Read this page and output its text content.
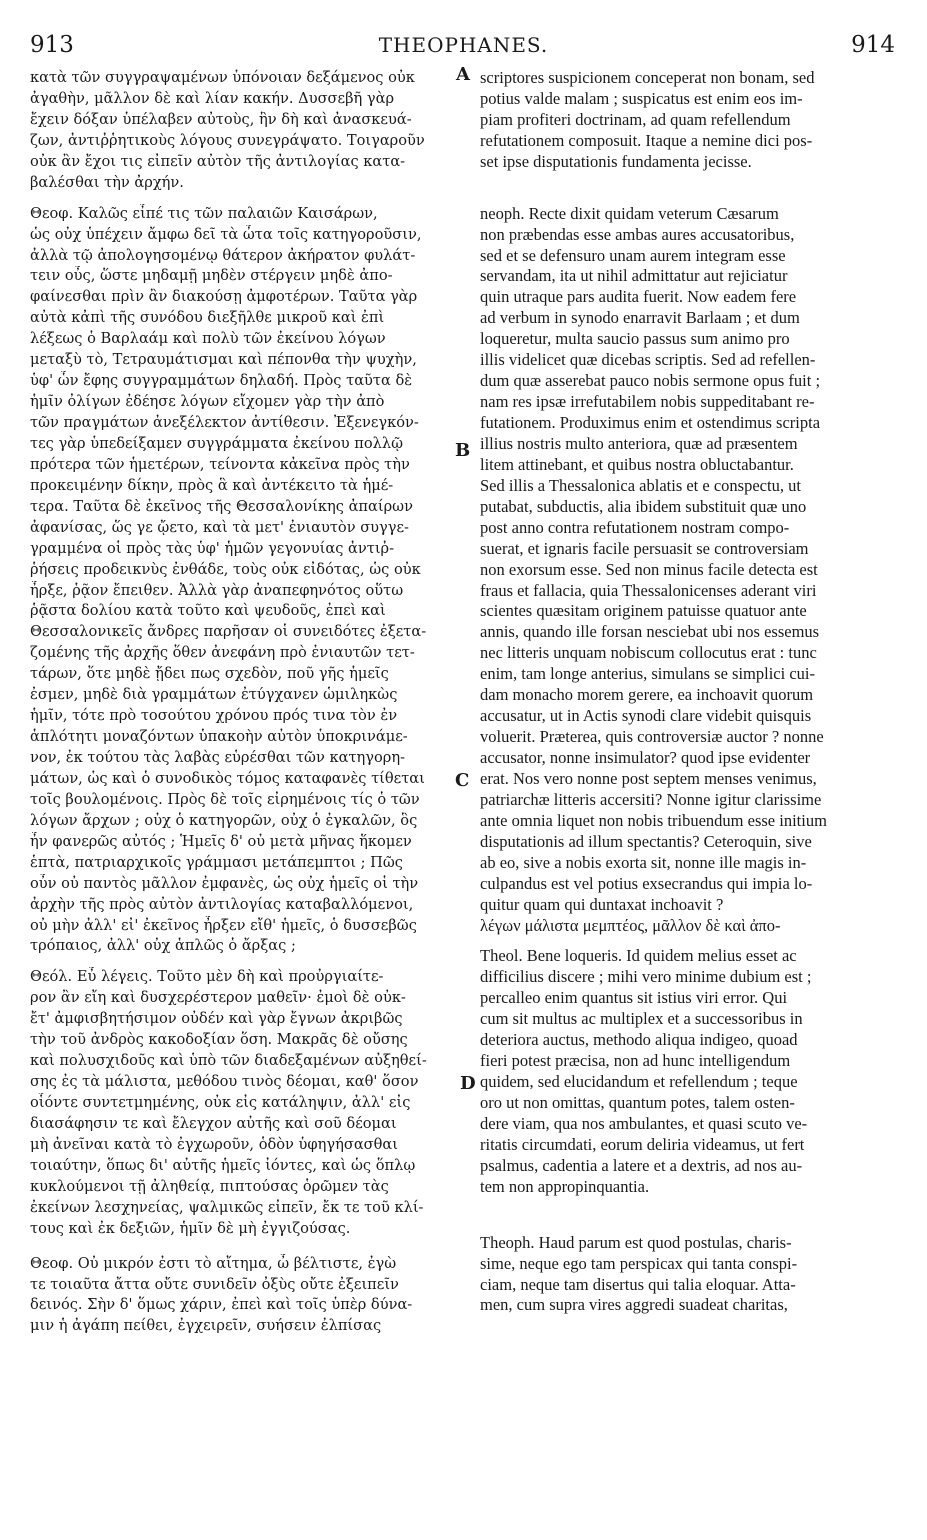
913	THEOPHANES.	914
A
B
C
D
κατὰ τῶν συγγραψαμένων ὑπόνοιαν δεξάμενος οὐκ
ἀγαθὴν, μᾶλλον δὲ καὶ λίαν κακήν. Δυσσεβῆ γὰρ
ἔχειν δόξαν ὑπέλαβεν αὐτοὺς, ἣν δὴ καὶ ἀνασκευά-
ζων, ἀντιῤῥητικοὺς λόγους συνεγράψατο. Τοιγαροῦν
οὐκ ἂν ἔχοι τις εἰπεῖν αὐτὸν τῆς ἀντιλογίας κατα-
βαλέσθαι τὴν ἀρχήν.
Θεοφ. Καλῶς εἶπέ τις τῶν παλαιῶν Καισάρων,
ὡς οὐχ ὑπέχειν ἄμφω δεῖ τὰ ὦτα τοῖς κατηγοροῦσιν,
ἀλλὰ τῷ ἀπολογησομένῳ θάτερον ἀκήρατον φυλάτ-
τειν οὖς, ὥστε μηδαμῇ μηδὲν στέργειν μηδὲ ἀπο-
φαίνεσθαι πρὶν ἂν διακούσῃ ἀμφοτέρων. Ταῦτα γὰρ
αὐτὰ κἀπὶ τῆς συνόδου διεξῆλθε μικροῦ καὶ ἐπὶ
λέξεως ὁ Βαρλαάμ καὶ πολὺ τῶν ἐκείνου λόγων
μεταξὺ τὸ, Τετραυμάτισμαι καὶ πέπονθα τὴν ψυχὴν,
ὑφ' ὧν ἔφης συγγραμμάτων δηλαδή. Πρὸς ταῦτα δὲ
ἡμῖν ὀλίγων ἐδέησε λόγων εἴχομεν γὰρ τὴν ἀπὸ
τῶν πραγμάτων ἀνεξέλεκτον ἀντίθεσιν. Ἐξενεγκόν-
τες γὰρ ὑπεδείξαμεν συγγράμματα ἐκείνου πολλῷ
πρότερα τῶν ἡμετέρων, τείνοντα κἀκεῖνα πρὸς τὴν
προκειμένην δίκην, πρὸς ἃ καὶ ἀντέκειτο τὰ ἡμέ-
τερα. Ταῦτα δὲ ἐκεῖνος τῆς Θεσσαλονίκης ἀπαίρων
ἀφανίσας, ὥς γε ᾤετο, καὶ τὰ μετ' ἐνιαυτὸν συγγε-
γραμμένα οἱ πρὸς τὰς ὑφ' ἡμῶν γεγονυίας ἀντιῤ-
ῥήσεις προδεικνὺς ἐνθάδε, τοὺς οὐκ εἰδότας, ὡς οὐκ
ἦρξε, ῥᾷον ἔπειθεν. Ἀλλὰ γὰρ ἀναπεφηνότος οὕτω
ῥᾷστα δολίου κατὰ τοῦτο καὶ ψευδοῦς, ἐπεὶ καὶ
Θεσσαλονικεῖς ἄνδρες παρῆσαν οἱ συνειδότες ἐξετα-
ζομένης τῆς ἀρχῆς ὅθεν ἀνεφάνη πρὸ ἐνιαυτῶν τετ-
τάρων, ὅτε μηδὲ ᾔδει πως σχεδὸν, ποῦ γῆς ἡμεῖς
ἐσμεν, μηδὲ διὰ γραμμάτων ἐτύγχανεν ὡμιληκὼς
ἡμῖν, τότε πρὸ τοσούτου χρόνου πρός τινα τὸν ἐν
ἁπλότητι μοναζόντων ὑπακοὴν αὐτὸν ὑποκρινάμε-
νον, ἐκ τούτου τὰς λαβὰς εὑρέσθαι τῶν κατηγορη-
μάτων, ὡς καὶ ὁ συνοδικὸς τόμος καταφανὲς τίθεται
τοῖς βουλομένοις. Πρὸς δὲ τοῖς εἰρημένοις τίς ὁ τῶν
λόγων ἄρχων ; οὐχ ὁ κατηγορῶν, οὐχ ὁ ἐγκαλῶν, ὃς
ἦν φανερῶς αὐτός ; Ἡμεῖς δ' οὐ μετὰ μῆνας ἥκομεν
ἑπτὰ, πατριαρχικοῖς γράμμασι μετάπεμπτοι ; Πῶς
οὖν οὐ παντὸς μᾶλλον ἐμφανὲς, ὡς οὐχ ἡμεῖς οἱ τὴν
ἀρχὴν τῆς πρὸς αὐτὸν ἀντιλογίας καταβαλλόμενοι,
οὐ μὴν ἀλλ' εἰ' ἐκεῖνος ἦρξεν εἴθ' ἡμεῖς, ὁ δυσσεβῶς
τρόπαιος, ἀλλ' οὐχ ἁπλῶς ὁ ἄρξας ;
Θεόλ. Εὖ λέγεις. Τοῦτο μὲν δὴ καὶ προὐργιαίτε-
ρον ἂν εἴη καὶ δυσχερέστερον μαθεῖν· ἐμοὶ δὲ οὐκ-
ἔτ' ἀμφισβητήσιμον οὐδέν καὶ γὰρ ἔγνων ἀκριβῶς
τὴν τοῦ ἀνδρὸς κακοδοξίαν ὅση. Μακρᾶς δὲ οὔσης
καὶ πολυσχιδοῦς καὶ ὑπὸ τῶν διαδεξαμένων αὐξηθεί-
σης ἐς τὰ μάλιστα, μεθόδου τινὸς δέομαι, καθ' ὅσον
οἷόντε συντετμημένης, οὐκ εἰς κατάληψιν, ἀλλ' εἰς
διασάφησιν τε καὶ ἔλεγχον αὐτῆς καὶ σοῦ δέομαι
μὴ ἀνεῖναι κατὰ τὸ ἐγχωροῦν, ὁδὸν ὑφηγήσασθαι
τοιαύτην, ὅπως δι' αὐτῆς ἡμεῖς ἰόντες, καὶ ὡς ὅπλῳ
κυκλούμενοι τῇ ἀληθείᾳ, πιπτούσας ὁρῶμεν τὰς
ἐκείνων λεσχηνείας, ψαλμικῶς εἰπεῖν, ἔκ τε τοῦ κλί-
τους καὶ ἐκ δεξιῶν, ἡμῖν δὲ μὴ ἐγγιζούσας.
Θεοφ. Οὐ μικρόν ἐστι τὸ αἴτημα, ὦ βέλτιστε, ἐγὼ
τε τοιαῦτα ἄττα οὔτε συνιδεῖν ὀξὺς οὔτε ἐξειπεῖν
δεινός. Σὴν δ' ὅμως χάριν, ἐπεὶ καὶ τοῖς ὑπὲρ δύνα-
μιν ἡ ἀγάπη πείθει, ἐγχειρεῖν, συήσειν ἐλπίσας
scriptores suspicionem conceperat non bonam, sed
potius valde malam ; suspicatus est enim eos im-
piam profiteri doctrinam, ad quam refellendum
refutationem composuit. Itaque a nemine dici pos-
set ipse disputationis fundamenta jecisse.
neoph. Recte dixit quidam veterum Cæsarum
non præbendas esse ambas aures accusatoribus,
sed et se defensuro unam aurem integram esse
servandam, ita ut nihil admittatur aut rejiciatur
quin utraque pars audita fuerit. Now eadem fere
ad verbum in synodo enarravit Barlaam ; et dum
loqueretur, multa saucio passus sum animo pro
illis videlicet quæ dicebas scriptis. Sed ad refellen-
dum quæ asserebat pauco nobis sermone opus fuit ;
nam res ipsæ irrefutabilem nobis suppeditabant re-
futationem. Produximus enim et ostendimus scripta
illius nostris multo anteriora, quæ ad præsentem
litem attinebant, et quibus nostra obluctabantur.
Sed illis a Thessalonica ablatis et e conspectu, ut
putabat, subductis, alia ibidem substituit quæ uno
post anno contra refutationem nostram compo-
suerat, et ignaris facile persuasit se controversiam
non exorsum esse. Sed non minus facile detecta est
fraus et fallacia, quia Thessalonicenses aderant viri
scientes quæsitam originem patuisse quatuor ante
annis, quando ille forsan nesciebat ubi nos essemus
nec litteris unquam nobiscum collocutus erat : tunc
enim, tam longe anterius, simulans se simplici cui-
dam monacho morem gerere, ea inchoavit quorum
accusatur, ut in Actis synodi clare videbit quisquis
voluerit. Præterea, quis controversiæ auctor ? nonne
accusator, nonne insimulator? quod ipse evidenter
erat. Nos vero nonne post septem menses venimus,
patriarchæ litteris accersiti? Nonne igitur clarissime
ante omnia liquet non nobis tribuendum esse initium
disputationis ad illum spectantis? Ceteroquin, sive
ab eo, sive a nobis exorta sit, nonne ille magis in-
culpandus est vel potius exsecrandus qui impia lo-
quitur quam qui duntaxat inchoavit ?
λέγων μάλιστα μεμπτέος, μᾶλλον δὲ καὶ ἀπο-
Theol. Bene loqueris. Id quidem melius esset ac
difficilius discere ; mihi vero minime dubium est ;
percalleo enim quantus sit istius viri error. Qui
cum sit multus ac multiplex et a successoribus in
deteriora auctus, methodo aliqua indigeo, quoad
fieri potest præcisa, non ad hunc intelligendum
quidem, sed elucidandum et refellendum ; teque
oro ut non omittas, quantum potes, talem osten-
dere viam, qua nos ambulantes, et quasi scuto ve-
ritatis circumdati, eorum deliria videamus, ut fert
psalmus, cadentia a latere et a dextris, ad nos au-
tem non appropinquantia.
Theoph. Haud parum est quod postulas, charis-
sime, neque ego tam perspicax qui tanta conspi-
ciam, neque tam disertus qui talia eloquar. Atta-
men, cum supra vires aggredi suadeat charitas,
